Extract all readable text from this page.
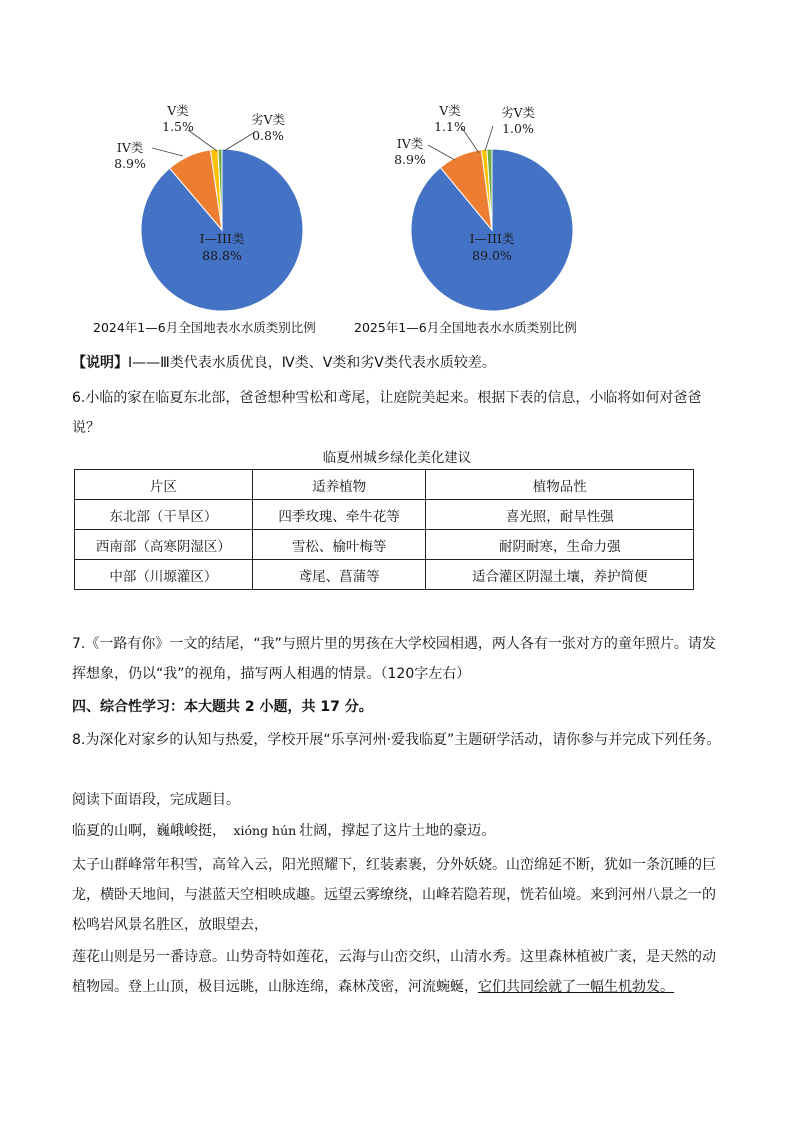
I—III类
88.8%
IV类
8.9%
V类
1.5%	劣V类
0.8%
2024年1—6月全国地表水水质类别比例
I—III类
89.0%
IV类
8.9%
V类
1.1%
劣V类
1.0%
2025年1—6月全国地表水水质类别比例
【说明】Ⅰ——Ⅲ类代表水质优良，Ⅳ类、Ⅴ类和劣Ⅴ类代表水质较差。
6.小临的家在临夏东北部，爸爸想种雪松和鸢尾，让庭院美起来。根据下表的信息，小临将如何对爸爸说？
临夏州城乡绿化美化建议
片区	适养植物	植物品性
东北部（干旱区）	四季玫瑰、牵牛花等	喜光照，耐旱性强
西南部（高寒阴湿区）	雪松、榆叶梅等	耐阴耐寒，生命力强
中部（川塬灌区）	鸢尾、菖蒲等	适合灌区阴湿土壤，养护简便
7.《一路有你》一文的结尾，“我”与照片里的男孩在大学校园相遇，两人各有一张对方的童年照片。请发挥想象，仍以“我”的视角，描写两人相遇的情景。（120字左右）
四、综合性学习：本大题共 2 小题，共 17 分。
8.为深化对家乡的认知与热爱，学校开展“乐享河州·爱我临夏”主题研学活动，请你参与并完成下列任务。
阅读下面语段，完成题目。
临夏的山啊，巍峨峻挺， xióng hún 壮阔，撑起了这片土地的豪迈。
太子山群峰常年积雪，高耸入云，阳光照耀下，红装素裹，分外妖娆。山峦绵延不断，犹如一条沉睡的巨龙，横卧天地间，与湛蓝天空相映成趣。远望云雾缭绕，山峰若隐若现，恍若仙境。来到河州八景之一的松鸣岩风景名胜区，放眼望去，
莲花山则是另一番诗意。山势奇特如莲花，云海与山峦交织，山清水秀。这里森林植被广袤，是天然的动植物园。登上山顶，极目远眺，山脉连绵，森林茂密，河流蜿蜒，它们共同绘就了一幅生机勃发。
